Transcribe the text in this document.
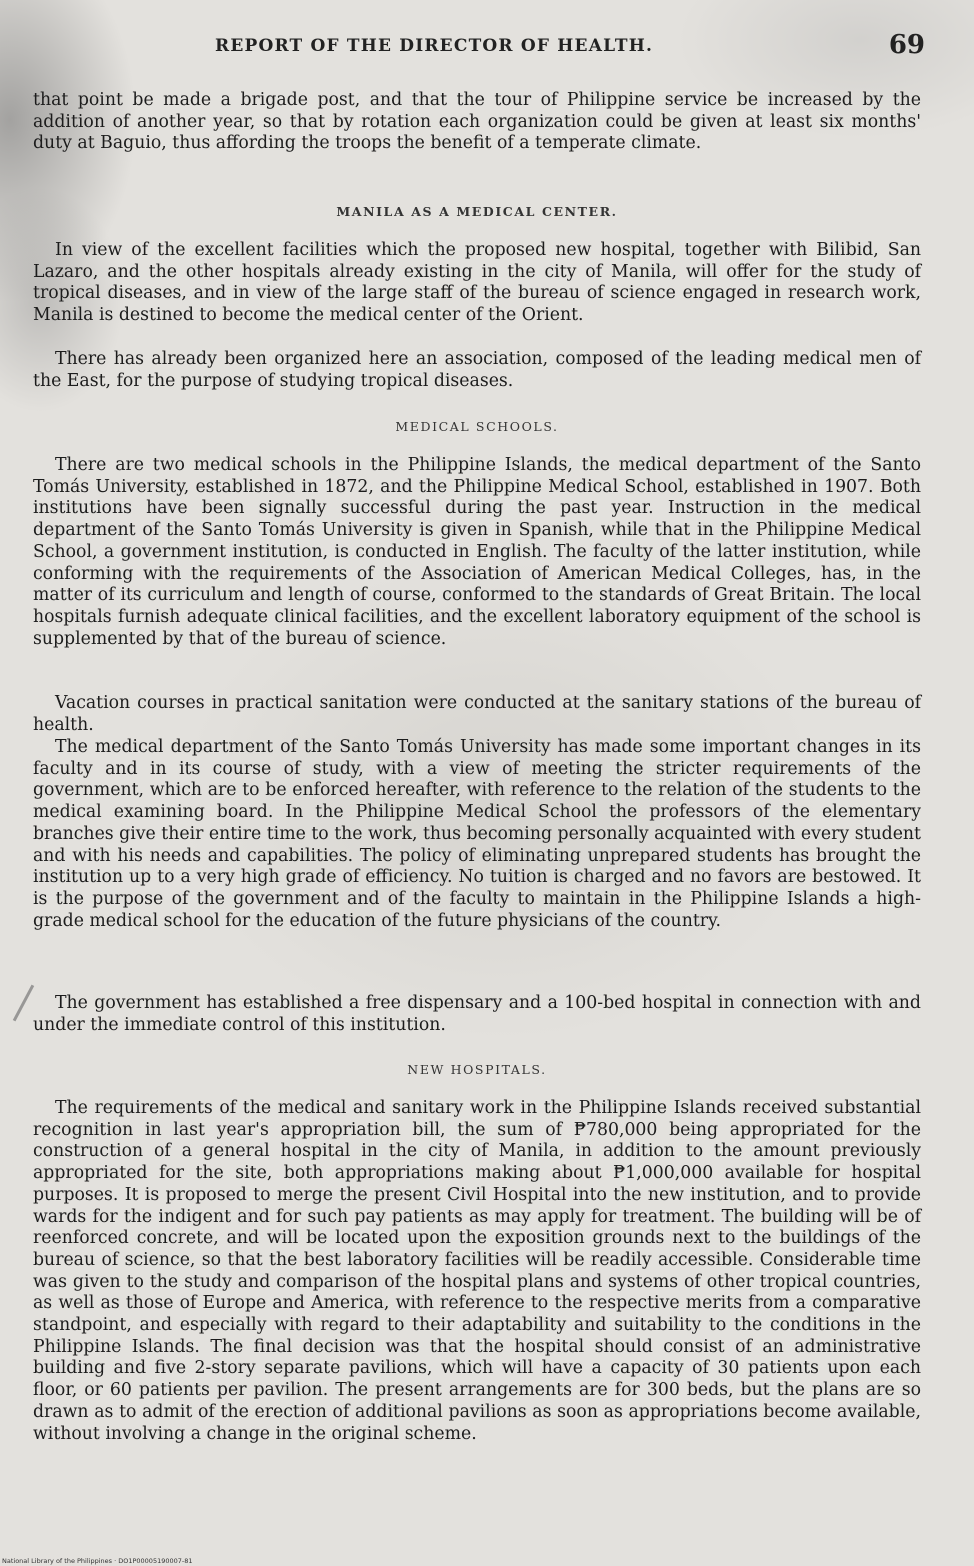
REPORT OF THE DIRECTOR OF HEALTH.	69

that point be made a brigade post, and that the tour of Philippine service be increased by the addition of another year, so that by rotation each organization could be given at least six months' duty at Baguio, thus affording the troops the benefit of a temperate climate.

MANILA AS A MEDICAL CENTER.

In view of the excellent facilities which the proposed new hospital, together with Bilibid, San Lazaro, and the other hospitals already existing in the city of Manila, will offer for the study of tropical diseases, and in view of the large staff of the bureau of science engaged in research work, Manila is destined to become the medical center of the Orient.

There has already been organized here an association, composed of the leading medical men of the East, for the purpose of studying tropical diseases.

MEDICAL SCHOOLS.

There are two medical schools in the Philippine Islands, the medical department of the Santo Tomás University, established in 1872, and the Philippine Medical School, established in 1907. Both institutions have been signally successful during the past year. Instruction in the medical department of the Santo Tomás University is given in Spanish, while that in the Philippine Medical School, a government institution, is conducted in English. The faculty of the latter institution, while conforming with the requirements of the Association of American Medical Colleges, has, in the matter of its curriculum and length of course, conformed to the standards of Great Britain. The local hospitals furnish adequate clinical facilities, and the excellent laboratory equipment of the school is supplemented by that of the bureau of science.

Vacation courses in practical sanitation were conducted at the sanitary stations of the bureau of health.

The medical department of the Santo Tomás University has made some important changes in its faculty and in its course of study, with a view of meeting the stricter requirements of the government, which are to be enforced hereafter, with reference to the relation of the students to the medical examining board. In the Philippine Medical School the professors of the elementary branches give their entire time to the work, thus becoming personally acquainted with every student and with his needs and capabilities. The policy of eliminating unprepared students has brought the institution up to a very high grade of efficiency. No tuition is charged and no favors are bestowed. It is the purpose of the government and of the faculty to maintain in the Philippine Islands a high-grade medical school for the education of the future physicians of the country.

The government has established a free dispensary and a 100-bed hospital in connection with and under the immediate control of this institution.

NEW HOSPITALS.

The requirements of the medical and sanitary work in the Philippine Islands received substantial recognition in last year's appropriation bill, the sum of ₱780,000 being appropriated for the construction of a general hospital in the city of Manila, in addition to the amount previously appropriated for the site, both appropriations making about ₱1,000,000 available for hospital purposes. It is proposed to merge the present Civil Hospital into the new institution, and to provide wards for the indigent and for such pay patients as may apply for treatment. The building will be of reenforced concrete, and will be located upon the exposition grounds next to the buildings of the bureau of science, so that the best laboratory facilities will be readily accessible. Considerable time was given to the study and comparison of the hospital plans and systems of other tropical countries, as well as those of Europe and America, with reference to the respective merits from a comparative standpoint, and especially with regard to their adaptability and suitability to the conditions in the Philippine Islands. The final decision was that the hospital should consist of an administrative building and five 2-story separate pavilions, which will have a capacity of 30 patients upon each floor, or 60 patients per pavilion. The present arrangements are for 300 beds, but the plans are so drawn as to admit of the erection of additional pavilions as soon as appropriations become available, without involving a change in the original scheme.

National Library of the Philippines · DO1P00005190007-81
